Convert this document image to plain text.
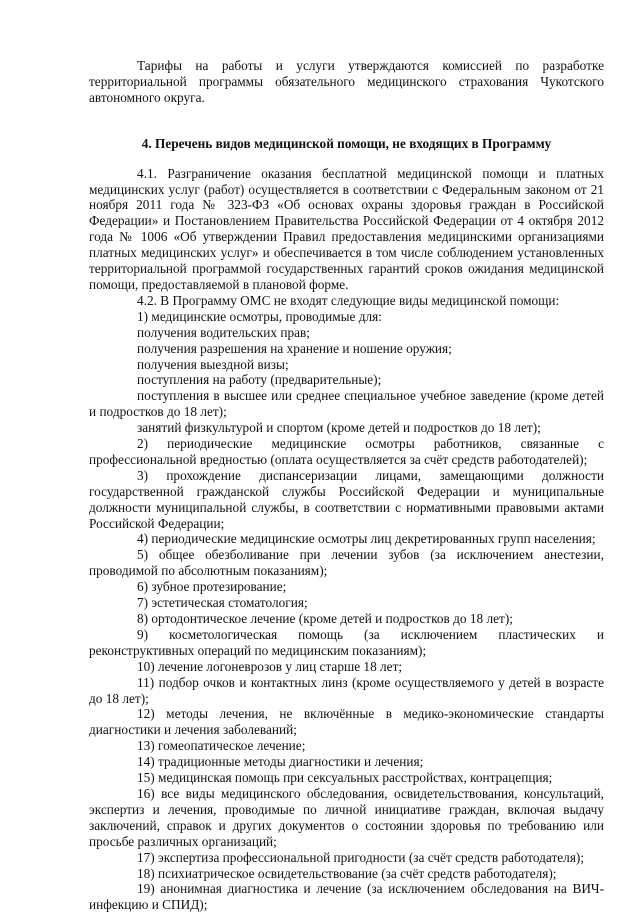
Тарифы на работы и услуги утверждаются комиссией по разработке территориальной программы обязательного медицинского страхования Чукотского автономного округа.

4. Перечень видов медицинской помощи, не входящих в Программу

4.1. Разграничение оказания бесплатной медицинской помощи и платных медицинских услуг (работ) осуществляется в соответствии с Федеральным законом от 21 ноября 2011 года № 323-ФЗ «Об основах охраны здоровья граждан в Российской Федерации» и Постановлением Правительства Российской Федерации от 4 октября 2012 года № 1006 «Об утверждении Правил предоставления медицинскими организациями платных медицинских услуг» и обеспечивается в том числе соблюдением установленных территориальной программой государственных гарантий сроков ожидания медицинской помощи, предоставляемой в плановой форме.

4.2. В Программу ОМС не входят следующие виды медицинской помощи:

1) медицинские осмотры, проводимые для:

получения водительских прав;

получения разрешения на хранение и ношение оружия;

получения выездной визы;

поступления на работу (предварительные);

поступления в высшее или среднее специальное учебное заведение (кроме детей и подростков до 18 лет);

занятий физкультурой и спортом (кроме детей и подростков до 18 лет);

2) периодические медицинские осмотры работников, связанные с профессиональной вредностью (оплата осуществляется за счёт средств работодателей);

3) прохождение диспансеризации лицами, замещающими должности государственной гражданской службы Российской Федерации и муниципальные должности муниципальной службы, в соответствии с нормативными правовыми актами Российской Федерации;

4) периодические медицинские осмотры лиц декретированных групп населения;

5) общее обезболивание при лечении зубов (за исключением анестезии, проводимой по абсолютным показаниям);

6) зубное протезирование;

7) эстетическая стоматология;

8) ортодонтическое лечение (кроме детей и подростков до 18 лет);

9) косметологическая помощь (за исключением пластических и реконструктивных операций по медицинским показаниям);

10) лечение логоневрозов у лиц старше 18 лет;

11) подбор очков и контактных линз (кроме осуществляемого у детей в возрасте до 18 лет);

12) методы лечения, не включённые в медико-экономические стандарты диагностики и лечения заболеваний;

13) гомеопатическое лечение;

14) традиционные методы диагностики и лечения;

15) медицинская помощь при сексуальных расстройствах, контрацепция;

16) все виды медицинского обследования, освидетельствования, консультаций, экспертиз и лечения, проводимые по личной инициативе граждан, включая выдачу заключений, справок и других документов о состоянии здоровья по требованию или просьбе различных организаций;

17) экспертиза профессиональной пригодности (за счёт средств работодателя);

18) психиатрическое освидетельствование (за счёт средств работодателя);

19) анонимная диагностика и лечение (за исключением обследования на ВИЧ-инфекцию и СПИД);
